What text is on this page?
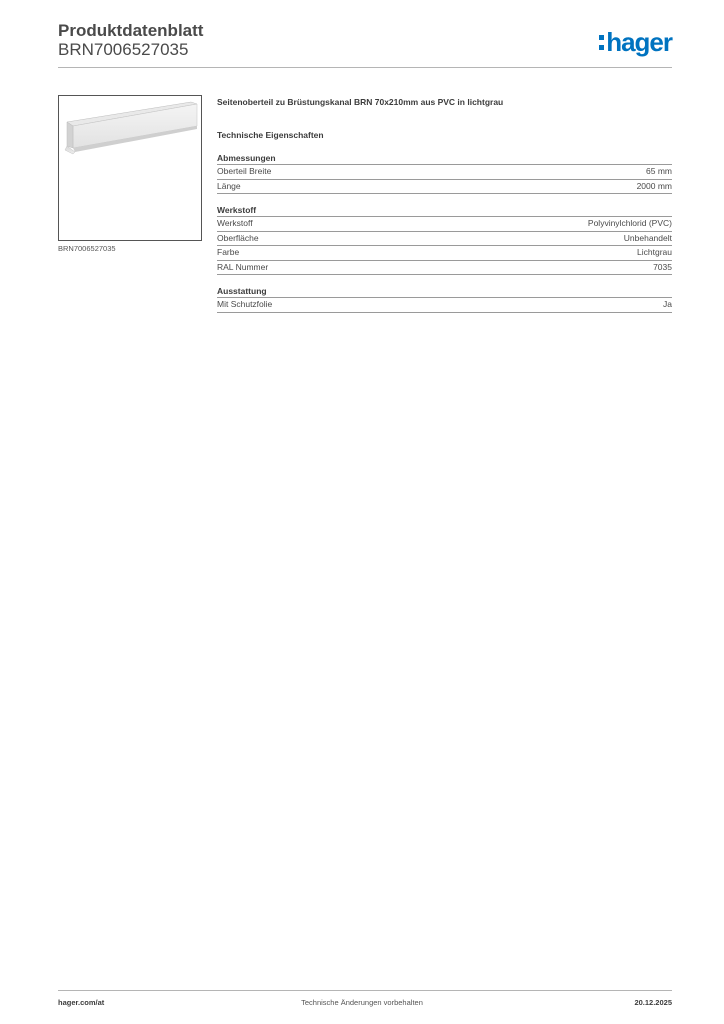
Produktdatenblatt
BRN7006527035	hager
BRN7006527035
Seitenoberteil zu Brüstungskanal BRN 70x210mm aus PVC in lichtgrau
Technische Eigenschaften
Abmessungen
Oberteil Breite	65 mm
Länge	2000 mm
Werkstoff
Werkstoff	Polyvinylchlorid (PVC)
Oberfläche	Unbehandelt
Farbe	Lichtgrau
RAL Nummer	7035
Ausstattung
Mit Schutzfolie	Ja
hager.com/at	Technische Änderungen vorbehalten	20.12.2025
